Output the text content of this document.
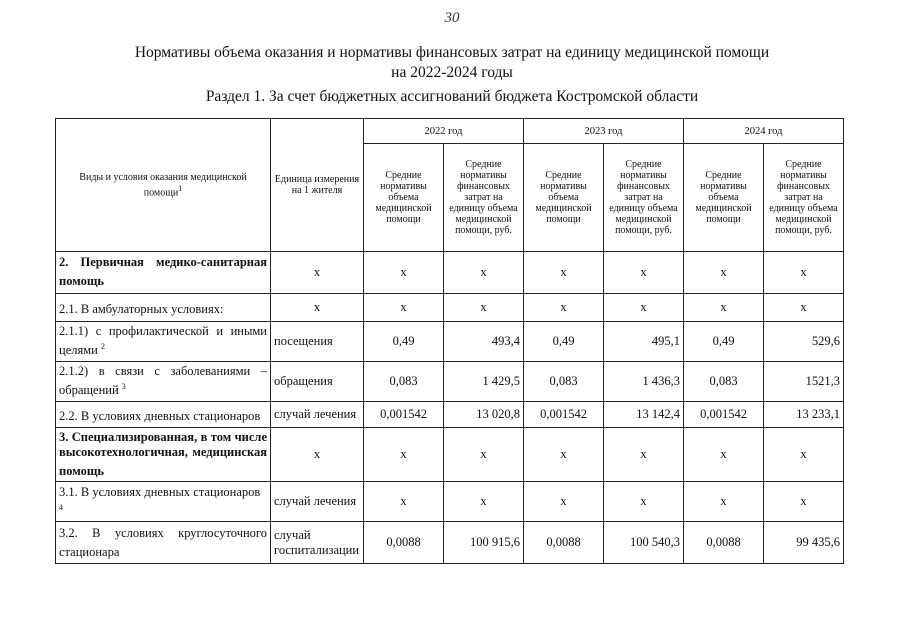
30
Нормативы объема оказания и нормативы финансовых затрат на единицу медицинской помощи
на 2022-2024 годы
Раздел 1. За счет бюджетных ассигнований бюджета Костромской области
Виды и условия оказания медицинской помощи$^1$	Единица измерения на 1 жителя	2022 год		2023 год		2024 год	
		Средние нормативы объема медицинской помощи	Средние нормативы финансовых затрат на единицу объема медицинской помощи, руб.	Средние нормативы объема медицинской помощи	Средние нормативы финансовых затрат на единицу объема медицинской помощи, руб.	Средние нормативы объема медицинской помощи	Средние нормативы финансовых затрат на единицу объема медицинской помощи, руб.
2. Первичная медико-санитарная помощь	х	х	х	х	х	х	х
2.1. В амбулаторных условиях:	х	х	х	х	х	х	х
2.1.1) с профилактической и иными целями $^2$	посещения	0,49	493,4	0,49	495,1	0,49	529,6
2.1.2) в связи с заболеваниями – обращений $^3$	обращения	0,083	1 429,5	0,083	1 436,3	0,083	1521,3
2.2. В условиях дневных стационаров	случай лечения	0,001542	13 020,8	0,001542	13 142,4	0,001542	13 233,1
3. Специализированная, в том числе высокотехнологичная, медицинская помощь	х	х	х	х	х	х	х
3.1. В условиях дневных стационаров $^4$	случай лечения	х	х	х	х	х	х
3.2. В условиях круглосуточного стационара	случай госпитализации	0,0088	100 915,6	0,0088	100 540,3	0,0088	99 435,6
